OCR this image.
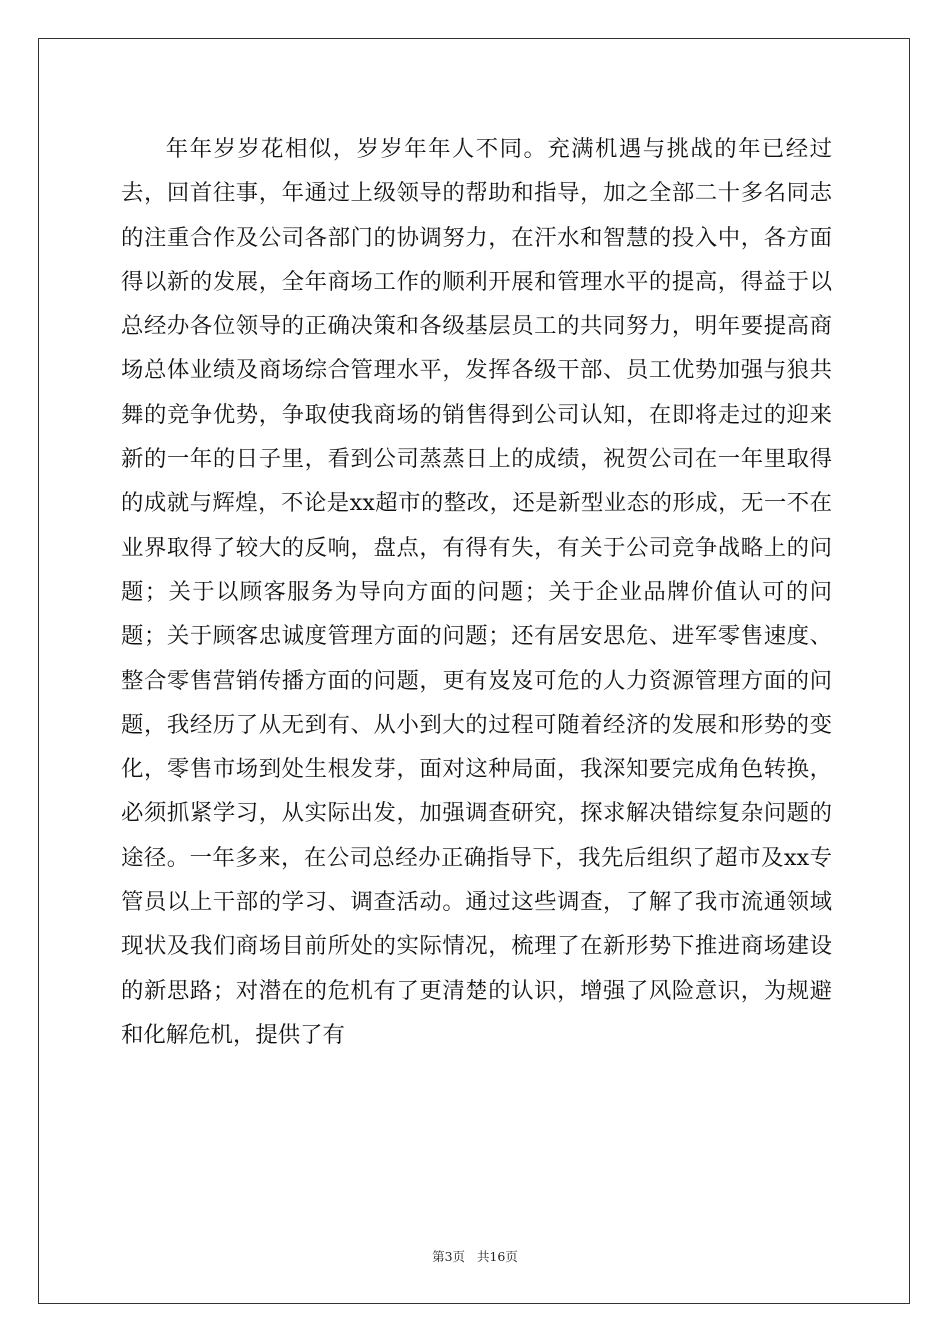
年年岁岁花相似，岁岁年年人不同。充满机遇与挑战的年已经过去，回首往事，年通过上级领导的帮助和指导，加之全部二十多名同志的注重合作及公司各部门的协调努力，在汗水和智慧的投入中，各方面得以新的发展，全年商场工作的顺利开展和管理水平的提高，得益于以总经办各位领导的正确决策和各级基层员工的共同努力，明年要提高商场总体业绩及商场综合管理水平，发挥各级干部、员工优势加强与狼共舞的竞争优势，争取使我商场的销售得到公司认知，在即将走过的迎来新的一年的日子里，看到公司蒸蒸日上的成绩，祝贺公司在一年里取得的成就与辉煌，不论是xx超市的整改，还是新型业态的形成，无一不在业界取得了较大的反响，盘点，有得有失，有关于公司竞争战略上的问题；关于以顾客服务为导向方面的问题；关于企业品牌价值认可的问题；关于顾客忠诚度管理方面的问题；还有居安思危、进军零售速度、整合零售营销传播方面的问题，更有岌岌可危的人力资源管理方面的问题，我经历了从无到有、从小到大的过程可随着经济的发展和形势的变化，零售市场到处生根发芽，面对这种局面，我深知要完成角色转换，必须抓紧学习，从实际出发，加强调查研究，探求解决错综复杂问题的途径。一年多来，在公司总经办正确指导下，我先后组织了超市及xx专管员以上干部的学习、调查活动。通过这些调查，了解了我市流通领域现状及我们商场目前所处的实际情况，梳理了在新形势下推进商场建设的新思路；对潜在的危机有了更清楚的认识，增强了风险意识，为规避和化解危机，提供了有

第3页   共16页
